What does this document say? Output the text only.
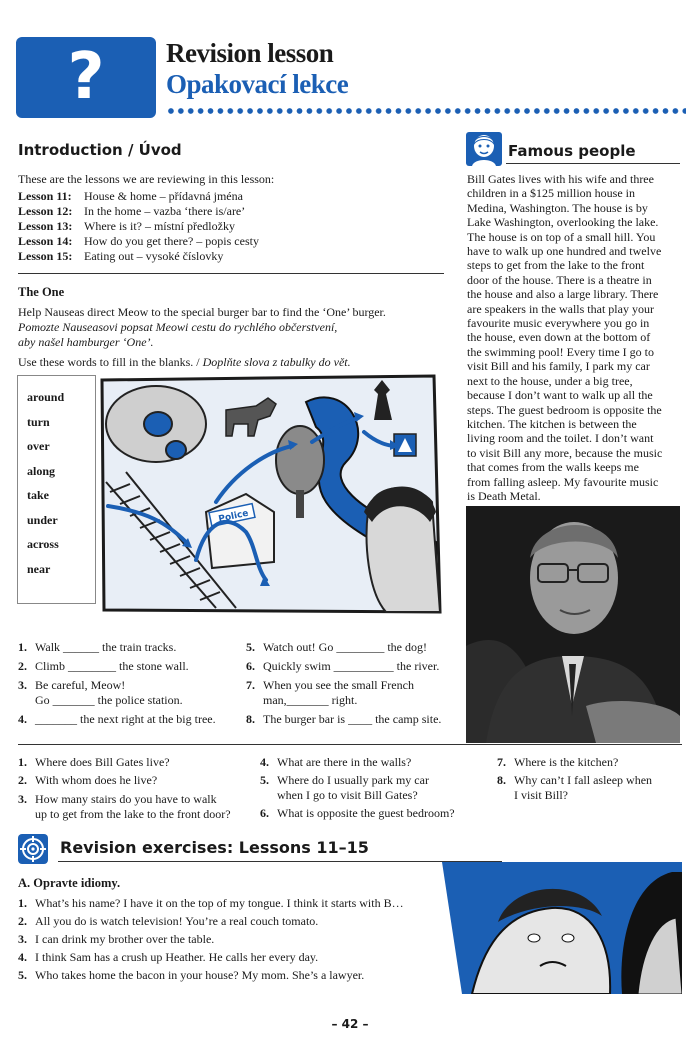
?	Revision lesson
Opakovací lekce
Introduction / Úvod
These are the lessons we are reviewing in this lesson:
Lesson 11:	House & home – přídavná jména
Lesson 12: In the home – vazba ‘there is/are’
Lesson 13: Where is it? – místní předložky
Lesson 14: How do you get there? – popis cesty
Lesson 15: Eating out – vysoké číslovky
The One
Help Nauseas direct Meow to the special burger bar to find the ‘One’ burger.
Pomozte Nauseasovi popsat Meowi cestu do rychlého občerstvení,
aby našel hamburger ‘One’.
Use these words to fill in the blanks. / Doplňte slova z tabulky do vět.
around
turn
over
along
take
under
across
near
Police
1. Walk ______ the train tracks.
2. Climb ________ the stone wall.
3. Be careful, Meow!
Go _______ the police station.
4. _______ the next right at the big tree.
5. Watch out! Go ________ the dog!
6. Quickly swim __________ the river.
7. When you see the small French
man,_______ right.
8. The burger bar is ____ the camp site.
Famous people
Bill Gates lives with his wife and three
children in a $125 million house in
Medina, Washington. The house is by
Lake Washington, overlooking the lake.
The house is on top of a small hill. You
have to walk up one hundred and twelve
steps to get from the lake to the front
door of the house. There is a theatre in
the house and also a large library. There
are speakers in the walls that play your
favourite music everywhere you go in
the house, even down at the bottom of
the swimming pool! Every time I go to
visit Bill and his family, I park my car
next to the house, under a big tree,
because I don’t want to walk up all the
steps. The guest bedroom is opposite the
kitchen. The kitchen is between the
living room and the toilet. I don’t want
to visit Bill any more, because the music
that comes from the walls keeps me
from falling asleep. My favourite music
is Death Metal.
1. Where does Bill Gates live?
2. With whom does he live?
3. How many stairs do you have to walk
up to get from the lake to the front door?
4. What are there in the walls?
5. Where do I usually park my car
when I go to visit Bill Gates?
6. What is opposite the guest bedroom?
7. Where is the kitchen?
8. Why can’t I fall asleep when
I visit Bill?
Revision exercises: Lessons 11–15
A. Opravte idiomy.
1. What’s his name? I have it on the top of my tongue. I think it starts with B…
2. All you do is watch television! You’re a real couch tomato.
3. I can drink my brother over the table.
4. I think Sam has a crush up Heather. He calls her every day.
5. Who takes home the bacon in your house? My mom. She’s a lawyer.
– 42 –
